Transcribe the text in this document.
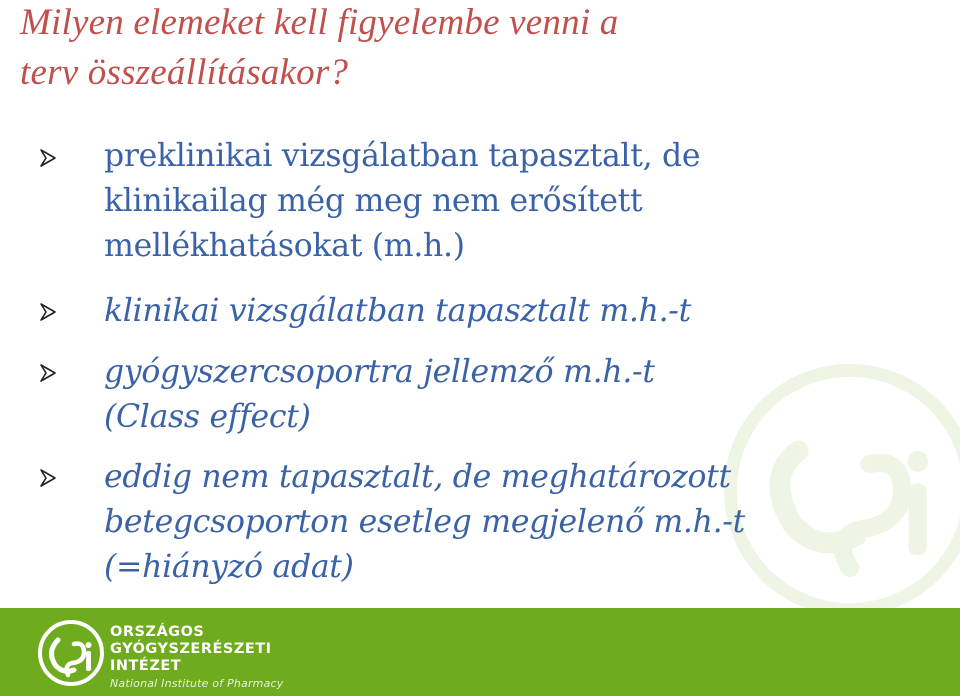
Milyen elemeket kell figyelembe venni a
terv összeállításakor?
preklinikai vizsgálatban tapasztalt, de
klinikailag még meg nem erősített
mellékhatásokat (m.h.)
klinikai vizsgálatban tapasztalt m.h.-t
gyógyszercsoportra jellemző m.h.-t
(Class effect)
eddig nem tapasztalt, de meghatározott
betegcsoporton esetleg megjelenő m.h.-t
(=hiányzó adat)
ORSZÁGOS
GYÓGYSZERÉSZETI
INTÉZET
National Institute of Pharmacy
